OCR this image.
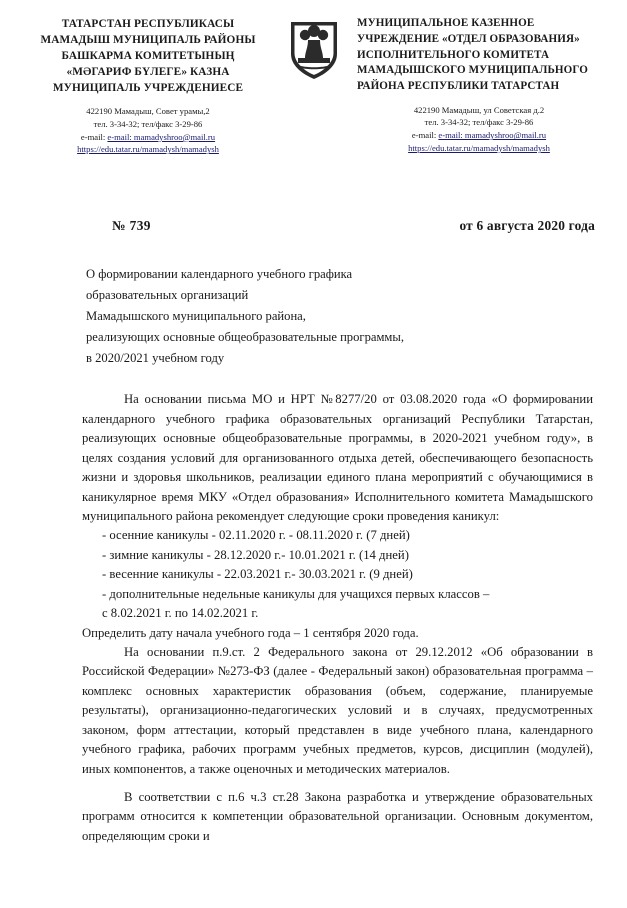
ТАТАРСТАН РЕСПУБЛИКАСЫ
МАМАДЫШ МУНИЦИПАЛЬ РАЙОНЫ
БАШКАРМА КОМИТЕТЫНЫҢ
«МӘГАРИФ БҮЛЕГЕ» КАЗНА
МУНИЦИПАЛЬ УЧРЕЖДЕНИЕСЕ
422190 Мамадыш, Совет урамы,2
тел. 3-34-32; тел/факс 3-29-86
e-mail: e-mail: mamadyshroo@mail.ru
https://edu.tatar.ru/mamadysh/mamadysh
МУНИЦИПАЛЬНОЕ КАЗЕННОЕ
УЧРЕЖДЕНИЕ «ОТДЕЛ ОБРАЗОВАНИЯ»
ИСПОЛНИТЕЛЬНОГО КОМИТЕТА
МАМАДЫШСКОГО МУНИЦИПАЛЬНОГО
РАЙОНА РЕСПУБЛИКИ ТАТАРСТАН
422190 Мамадыш, ул Советская д.2
тел. 3-34-32; тел/факс 3-29-86
e-mail: e-mail: mamadyshroo@mail.ru
https://edu.tatar.ru/mamadysh/mamadysh
№ 739	от 6 августа 2020 года
О формировании календарного учебного графика
образовательных организаций
Мамадышского муниципального района,
реализующих основные общеобразовательные программы,
в 2020/2021 учебном году

На основании письма МО и НРТ №8277/20 от 03.08.2020 года «О формировании календарного учебного графика образовательных организаций Республики Татарстан, реализующих основные общеобразовательные программы, в 2020-2021 учебном году», в целях создания условий для организованного отдыха детей, обеспечивающего безопасность жизни и здоровья школьников, реализации единого плана мероприятий с обучающимися в каникулярное время МКУ «Отдел образования» Исполнительного комитета Мамадышского муниципального района рекомендует следующие сроки проведения каникул:

- осенние каникулы - 02.11.2020 г. - 08.11.2020 г. (7 дней)
- зимние каникулы - 28.12.2020 г.- 10.01.2021 г. (14 дней)
- весенние каникулы - 22.03.2021 г.- 30.03.2021 г. (9 дней)
- дополнительные недельные каникулы для учащихся первых классов –

с 8.02.2021 г. по 14.02.2021 г.

Определить дату начала учебного года – 1 сентября 2020 года.

На основании п.9.ст. 2 Федерального закона от 29.12.2012 «Об образовании в Российской Федерации» №273-ФЗ (далее - Федеральный закон) образовательная программа – комплекс основных характеристик образования (объем, содержание, планируемые результаты), организационно-педагогических условий и в случаях, предусмотренных законом, форм аттестации, который представлен в виде учебного плана, календарного учебного графика, рабочих программ учебных предметов, курсов, дисциплин (модулей), иных компонентов, а также оценочных и методических материалов.

В соответствии с п.6 ч.3 ст.28 Закона разработка и утверждение образовательных программ относится к компетенции образовательной организации. Основным документом, определяющим сроки и
